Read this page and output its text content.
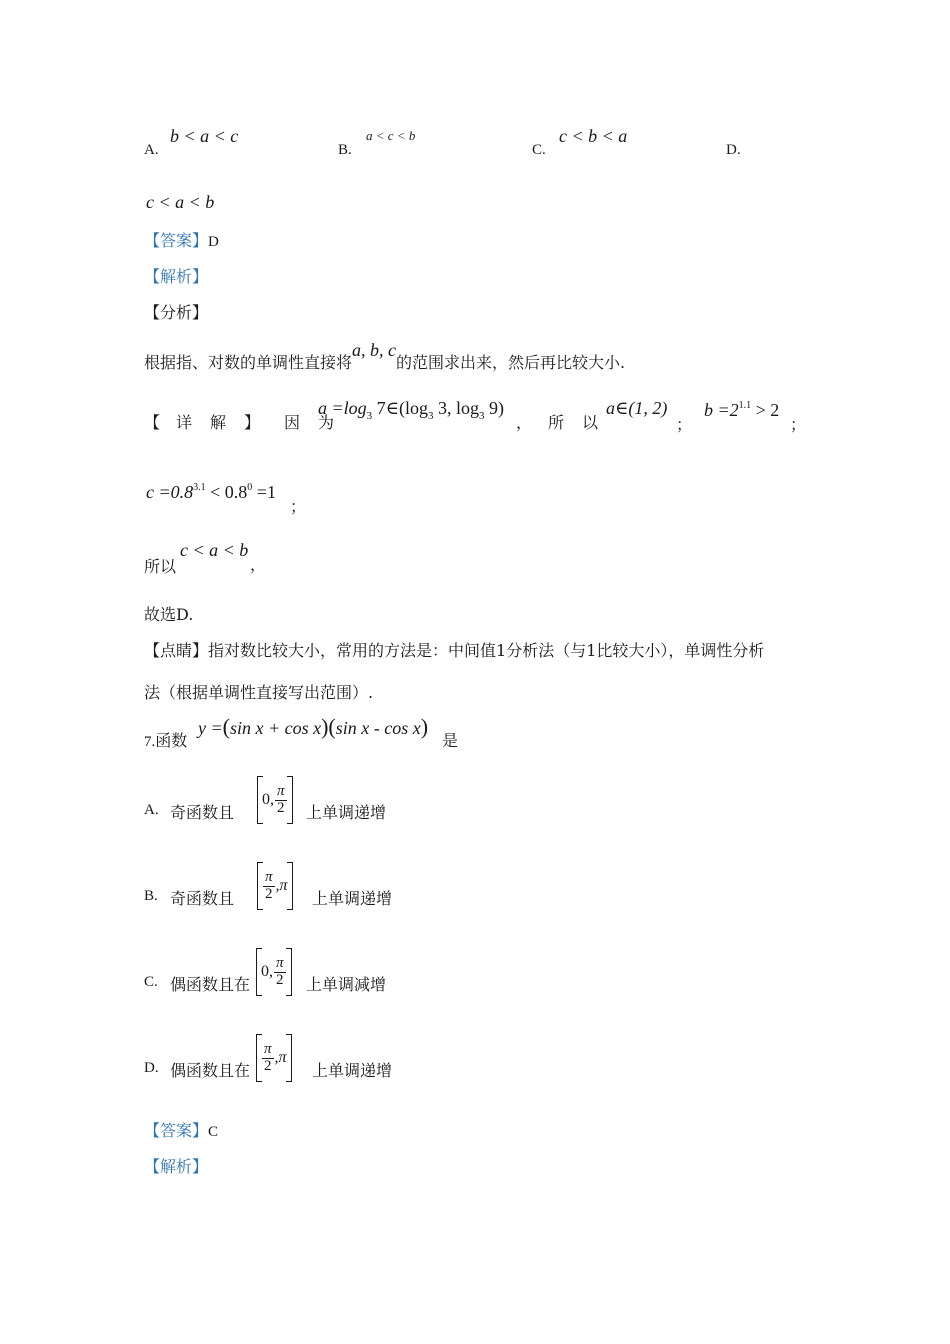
A.
b < a < c
B.
a < c < b
C.
c < b < a
D.
c < a < b
【答案】D
【解析】
【分析】
根据指、对数的单调性直接将a, b, c的范围求出来，然后再比较大小.
【 详解】 因为
$a =\log_3$ $7\in(\log_3$ 3, $\log_3 9$)
， 所以
a∈(1, 2)
；
$b =2^{1.1} > 2$
；
$c =0.8^{3.1} < 0.8^0 =1$
；
所以
c < a < b
，
故选D.
【点睛】指对数比较大小，常用的方法是：中间值1分析法（与1比较大小），单调性分析
法（根据单调性直接写出范围）.
7.函数
y =(sin x + cos x)(sin x - cos x)
是
A. 奇函数且
0, $\frac{\pi}{2}$ 上单调递增
B. 奇函数且 $\frac{\pi}{2} ,\pi$
上单调递增
C. 偶函数且在
0, $\frac{\pi}{2}$ 上单调减增
D. 偶函数且在 $\frac{\pi}{2} ,\pi$
上单调递增
【答案】C
【解析】
